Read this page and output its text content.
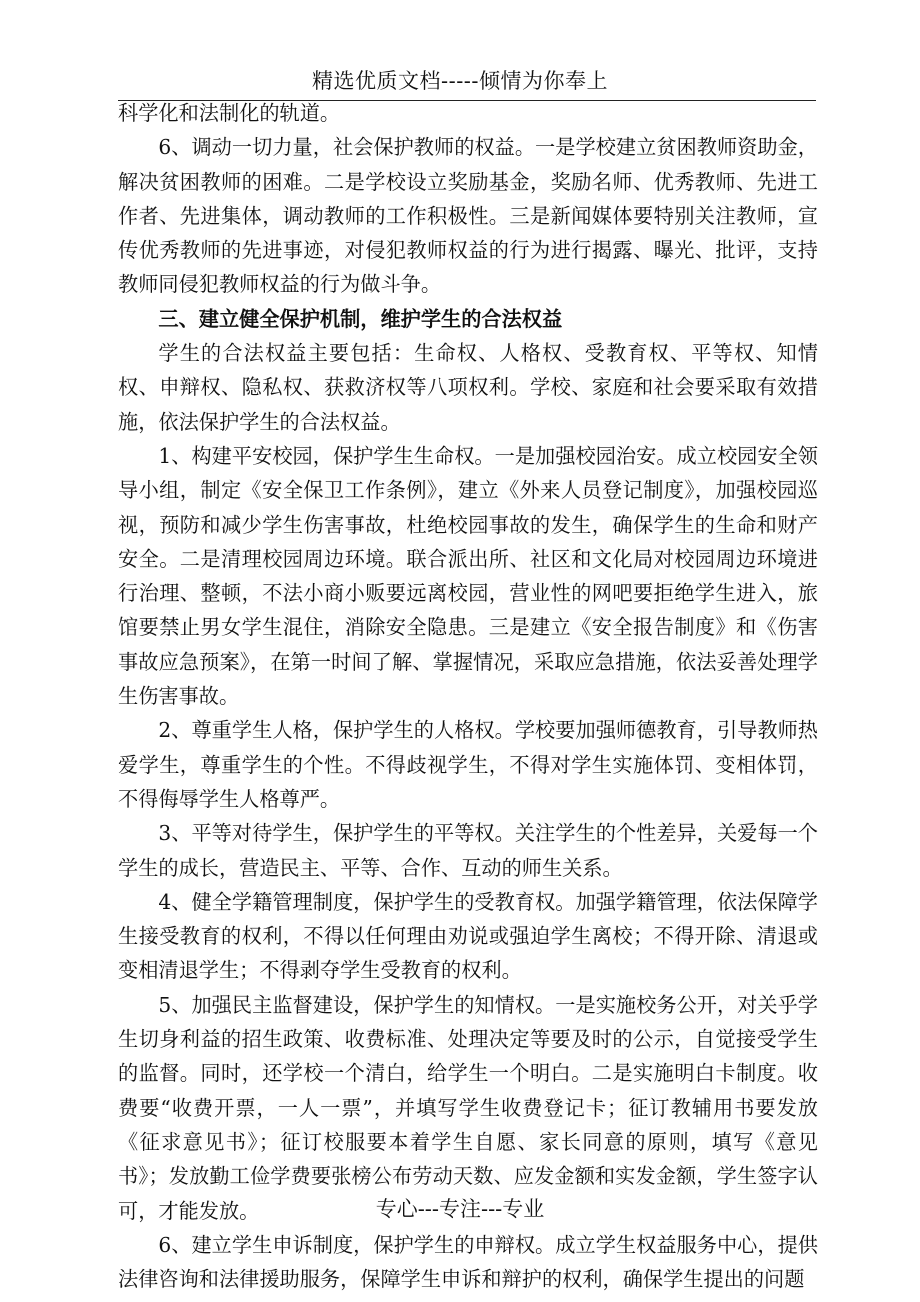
精选优质文档-----倾情为你奉上

科学化和法制化的轨道。

6、调动一切力量，社会保护教师的权益。一是学校建立贫困教师资助金，解决贫困教师的困难。二是学校设立奖励基金，奖励名师、优秀教师、先进工作者、先进集体，调动教师的工作积极性。三是新闻媒体要特别关注教师，宣传优秀教师的先进事迹，对侵犯教师权益的行为进行揭露、曝光、批评，支持教师同侵犯教师权益的行为做斗争。

三、建立健全保护机制，维护学生的合法权益

学生的合法权益主要包括：生命权、人格权、受教育权、平等权、知情权、申辩权、隐私权、获救济权等八项权利。学校、家庭和社会要采取有效措施，依法保护学生的合法权益。

1、构建平安校园，保护学生生命权。一是加强校园治安。成立校园安全领导小组，制定《安全保卫工作条例》，建立《外来人员登记制度》，加强校园巡视，预防和减少学生伤害事故，杜绝校园事故的发生，确保学生的生命和财产安全。二是清理校园周边环境。联合派出所、社区和文化局对校园周边环境进行治理、整顿，不法小商小贩要远离校园，营业性的网吧要拒绝学生进入，旅馆要禁止男女学生混住，消除安全隐患。三是建立《安全报告制度》和《伤害事故应急预案》，在第一时间了解、掌握情况，采取应急措施，依法妥善处理学生伤害事故。

2、尊重学生人格，保护学生的人格权。学校要加强师德教育，引导教师热爱学生，尊重学生的个性。不得歧视学生，不得对学生实施体罚、变相体罚，不得侮辱学生人格尊严。

3、平等对待学生，保护学生的平等权。关注学生的个性差异，关爱每一个学生的成长，营造民主、平等、合作、互动的师生关系。

4、健全学籍管理制度，保护学生的受教育权。加强学籍管理，依法保障学生接受教育的权利，不得以任何理由劝说或强迫学生离校；不得开除、清退或变相清退学生；不得剥夺学生受教育的权利。

5、加强民主监督建设，保护学生的知情权。一是实施校务公开，对关乎学生切身利益的招生政策、收费标准、处理决定等要及时的公示，自觉接受学生的监督。同时，还学校一个清白，给学生一个明白。二是实施明白卡制度。收费要“收费开票，一人一票”，并填写学生收费登记卡；征订教辅用书要发放《征求意见书》；征订校服要本着学生自愿、家长同意的原则，填写《意见书》；发放勤工俭学费要张榜公布劳动天数、应发金额和实发金额，学生签字认可，才能发放。

6、建立学生申诉制度，保护学生的申辩权。成立学生权益服务中心，提供法律咨询和法律援助服务，保障学生申诉和辩护的权利，确保学生提出的问题

专心---专注---专业
